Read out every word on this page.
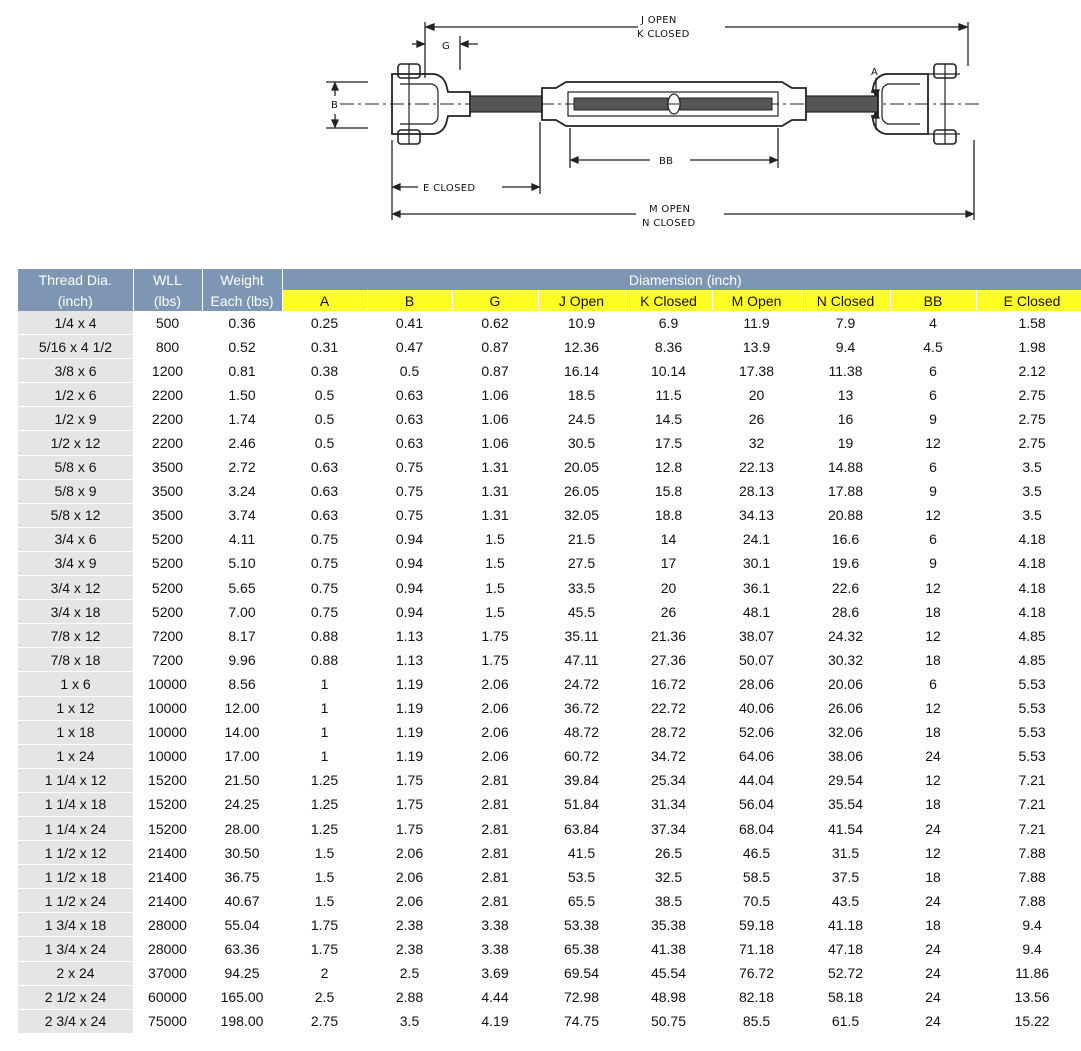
J OPEN
K CLOSED
G
B
A
BB
E CLOSED
M OPEN
N CLOSED
Thread Dia.	WLL	Weight	Diamension (inch)								
(inch)	(lbs)	Each (lbs)	A	B	G	J Open	K Closed	M Open	N Closed	BB	E Closed
1/4 x 4	500	0.36	0.25	0.41	0.62	10.9	6.9	11.9	7.9	4	1.58
5/16 x 4 1/2	800	0.52	0.31	0.47	0.87	12.36	8.36	13.9	9.4	4.5	1.98
3/8 x 6	1200	0.81	0.38	0.5	0.87	16.14	10.14	17.38	11.38	6	2.12
1/2 x 6	2200	1.50	0.5	0.63	1.06	18.5	11.5	20	13	6	2.75
1/2 x 9	2200	1.74	0.5	0.63	1.06	24.5	14.5	26	16	9	2.75
1/2 x 12	2200	2.46	0.5	0.63	1.06	30.5	17.5	32	19	12	2.75
5/8 x 6	3500	2.72	0.63	0.75	1.31	20.05	12.8	22.13	14.88	6	3.5
5/8 x 9	3500	3.24	0.63	0.75	1.31	26.05	15.8	28.13	17.88	9	3.5
5/8 x 12	3500	3.74	0.63	0.75	1.31	32.05	18.8	34.13	20.88	12	3.5
3/4 x 6	5200	4.11	0.75	0.94	1.5	21.5	14	24.1	16.6	6	4.18
3/4 x 9	5200	5.10	0.75	0.94	1.5	27.5	17	30.1	19.6	9	4.18
3/4 x 12	5200	5.65	0.75	0.94	1.5	33.5	20	36.1	22.6	12	4.18
3/4 x 18	5200	7.00	0.75	0.94	1.5	45.5	26	48.1	28.6	18	4.18
7/8 x 12	7200	8.17	0.88	1.13	1.75	35.11	21.36	38.07	24.32	12	4.85
7/8 x 18	7200	9.96	0.88	1.13	1.75	47.11	27.36	50.07	30.32	18	4.85
1 x 6	10000	8.56	1	1.19	2.06	24.72	16.72	28.06	20.06	6	5.53
1 x 12	10000	12.00	1	1.19	2.06	36.72	22.72	40.06	26.06	12	5.53
1 x 18	10000	14.00	1	1.19	2.06	48.72	28.72	52.06	32.06	18	5.53
1 x 24	10000	17.00	1	1.19	2.06	60.72	34.72	64.06	38.06	24	5.53
1 1/4 x 12	15200	21.50	1.25	1.75	2.81	39.84	25.34	44.04	29.54	12	7.21
1 1/4 x 18	15200	24.25	1.25	1.75	2.81	51.84	31.34	56.04	35.54	18	7.21
1 1/4 x 24	15200	28.00	1.25	1.75	2.81	63.84	37.34	68.04	41.54	24	7.21
1 1/2 x 12	21400	30.50	1.5	2.06	2.81	41.5	26.5	46.5	31.5	12	7.88
1 1/2 x 18	21400	36.75	1.5	2.06	2.81	53.5	32.5	58.5	37.5	18	7.88
1 1/2 x 24	21400	40.67	1.5	2.06	2.81	65.5	38.5	70.5	43.5	24	7.88
1 3/4 x 18	28000	55.04	1.75	2.38	3.38	53.38	35.38	59.18	41.18	18	9.4
1 3/4 x 24	28000	63.36	1.75	2.38	3.38	65.38	41.38	71.18	47.18	24	9.4
2 x 24	37000	94.25	2	2.5	3.69	69.54	45.54	76.72	52.72	24	11.86
2 1/2 x 24	60000	165.00	2.5	2.88	4.44	72.98	48.98	82.18	58.18	24	13.56
2 3/4 x 24	75000	198.00	2.75	3.5	4.19	74.75	50.75	85.5	61.5	24	15.22
